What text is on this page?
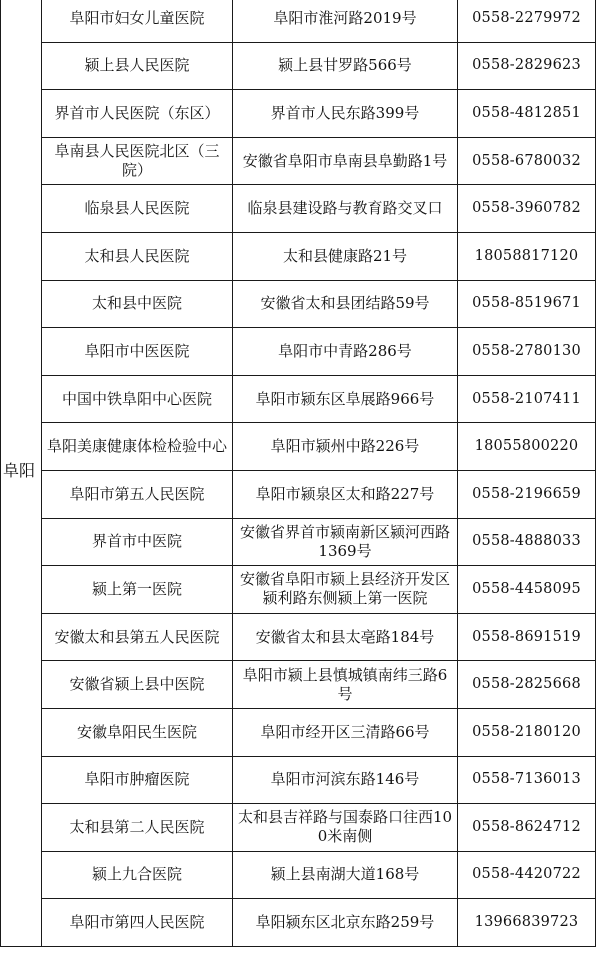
阜阳	阜阳市妇女儿童医院	阜阳市淮河路2019号	0558-2279972
	颍上县人民医院	颍上县甘罗路566号	0558-2829623
	界首市人民医院（东区）	界首市人民东路399号	0558-4812851
	阜南县人民医院北区（三院）	安徽省阜阳市阜南县阜勤路1号	0558-6780032
	临泉县人民医院	临泉县建设路与教育路交叉口	0558-3960782
	太和县人民医院	太和县健康路21号	18058817120
	太和县中医院	安徽省太和县团结路59号	0558-8519671
	阜阳市中医医院	阜阳市中青路286号	0558-2780130
	中国中铁阜阳中心医院	阜阳市颍东区阜展路966号	0558-2107411
	阜阳美康健康体检检验中心	阜阳市颍州中路226号	18055800220
	阜阳市第五人民医院	阜阳市颍泉区太和路227号	0558-2196659
	界首市中医院	安徽省界首市颍南新区颍河西路1369号	0558-4888033
	颍上第一医院	安徽省阜阳市颍上县经济开发区颍利路东侧颍上第一医院	0558-4458095
	安徽太和县第五人民医院	安徽省太和县太亳路184号	0558-8691519
	安徽省颍上县中医院	阜阳市颍上县慎城镇南纬三路6号	0558-2825668
	安徽阜阳民生医院	阜阳市经开区三清路66号	0558-2180120
	阜阳市肿瘤医院	阜阳市河滨东路146号	0558-7136013
	太和县第二人民医院	太和县吉祥路与国泰路口往西100米南侧	0558-8624712
	颍上九合医院	颍上县南湖大道168号	0558-4420722
	阜阳市第四人民医院	阜阳颍东区北京东路259号	13966839723
